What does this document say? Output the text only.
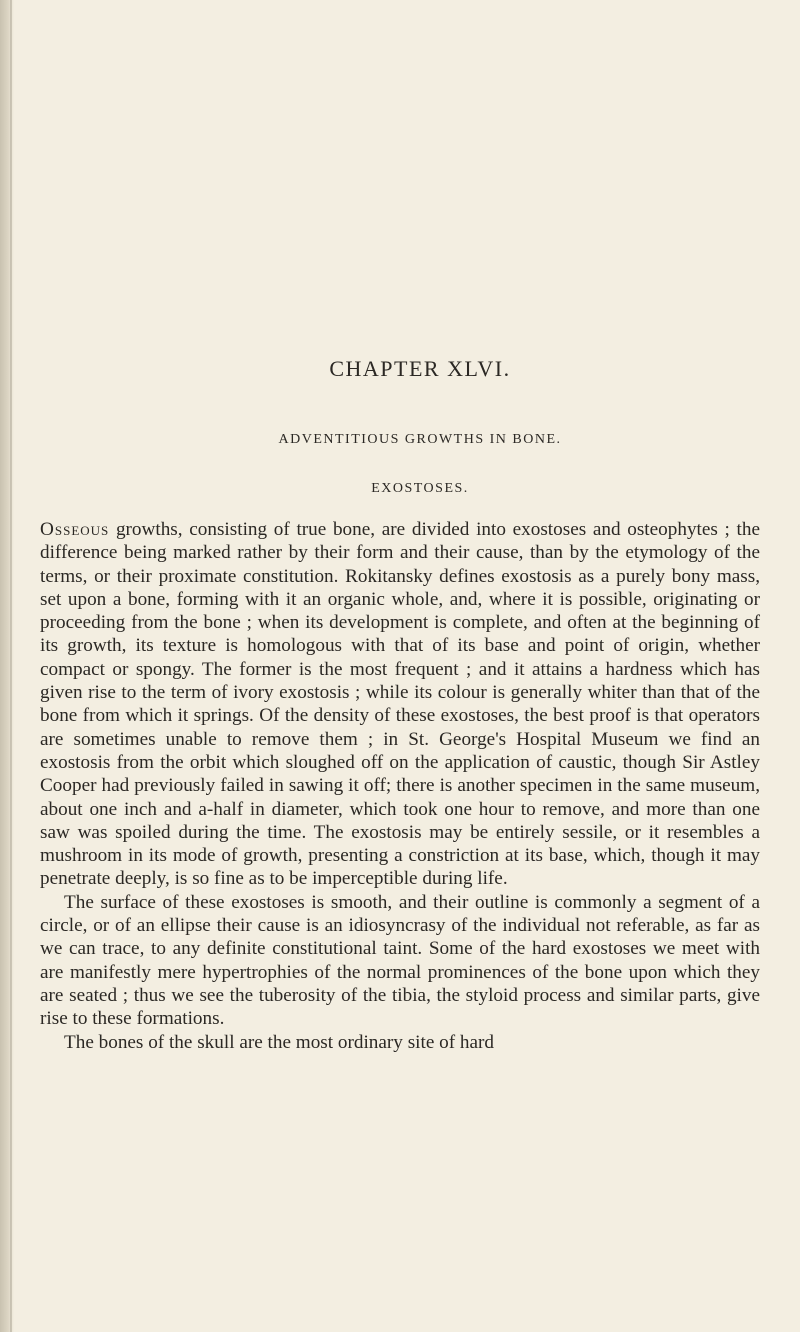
CHAPTER XLVI.
ADVENTITIOUS GROWTHS IN BONE.
EXOSTOSES.

Osseous growths, consisting of true bone, are divided into exostoses and osteophytes ; the difference being marked rather by their form and their cause, than by the etymology of the terms, or their proximate constitution. Rokitansky defines exostosis as a purely bony mass, set upon a bone, forming with it an organic whole, and, where it is possible, originating or proceeding from the bone ; when its development is complete, and often at the beginning of its growth, its texture is homologous with that of its base and point of origin, whether compact or spongy. The former is the most frequent ; and it attains a hardness which has given rise to the term of ivory exostosis ; while its colour is generally whiter than that of the bone from which it springs. Of the density of these exostoses, the best proof is that operators are sometimes unable to remove them ; in St. George's Hospital Museum we find an exostosis from the orbit which sloughed off on the application of caustic, though Sir Astley Cooper had previously failed in sawing it off; there is another specimen in the same museum, about one inch and a-half in diameter, which took one hour to remove, and more than one saw was spoiled during the time. The exostosis may be entirely sessile, or it resembles a mushroom in its mode of growth, presenting a constriction at its base, which, though it may penetrate deeply, is so fine as to be imperceptible during life.

The surface of these exostoses is smooth, and their outline is commonly a segment of a circle, or of an ellipse their cause is an idiosyncrasy of the individual not referable, as far as we can trace, to any definite constitutional taint. Some of the hard exostoses we meet with are manifestly mere hypertrophies of the normal prominences of the bone upon which they are seated ; thus we see the tuberosity of the tibia, the styloid process and similar parts, give rise to these formations.

The bones of the skull are the most ordinary site of hard
